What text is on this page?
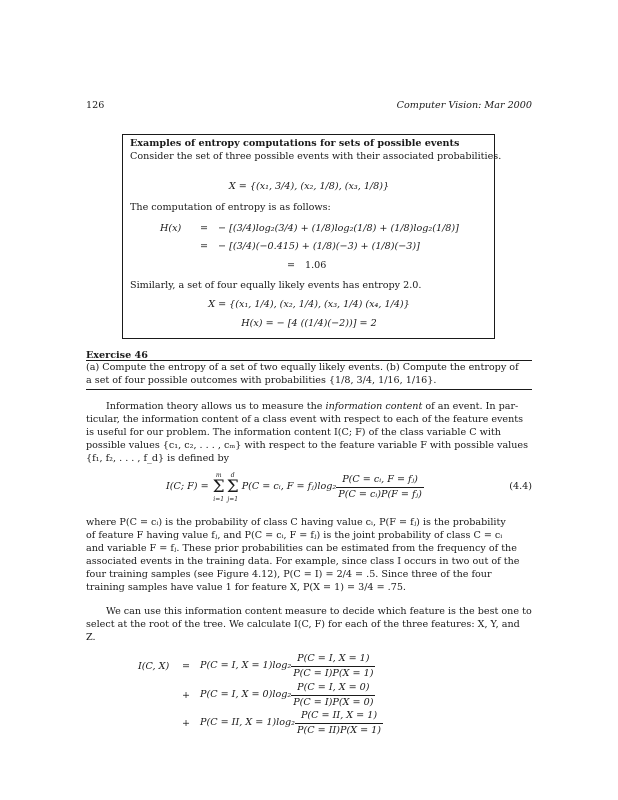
126	Computer Vision: Mar 2000
Examples of entropy computations for sets of possible events
Consider the set of three possible events with their associated probabilities.
X = {(x₁, 3/4), (x₂, 1/8), (x₃, 1/8)}
The computation of entropy is as follows:
H(x) = − [(3/4)log₂(3/4) + (1/8)log₂(1/8) + (1/8)log₂(1/8)]
= − [(3/4)(−0.415) + (1/8)(−3) + (1/8)(−3)]
= 1.06
Similarly, a set of four equally likely events has entropy 2.0.
X = {(x₁, 1/4), (x₂, 1/4), (x₃, 1/4) (x₄, 1/4)}
H(x) = − [4 ((1/4)(−2))] = 2
Exercise 46
(a) Compute the entropy of a set of two equally likely events. (b) Compute the entropy of
a set of four possible outcomes with probabilities {1/8, 3/4, 1/16, 1/16}.
Information theory allows us to measure the information content of an event. In par-
ticular, the information content of a class event with respect to each of the feature events
is useful for our problem. The information content I(C; F) of the class variable C with
possible values {c₁, c₂, . . . , cₘ} with respect to the feature variable F with possible values
{f₁, f₂, . . . , f_d} is defined by
I(C; F) =
m
Σ
i=1
d
Σ
j=1
P(C = cᵢ, F = fⱼ)log₂ $\frac{\text{P(C = cᵢ, F = fⱼ)}}{\text{P(C = cᵢ)P(F = fⱼ)}}$	(4.4)
where P(C = cᵢ) is the probability of class C having value cᵢ, P(F = fⱼ) is the probability
of feature F having value fⱼ, and P(C = cᵢ, F = fⱼ) is the joint probability of class C = cᵢ
and variable F = fⱼ. These prior probabilities can be estimated from the frequency of the
associated events in the training data. For example, since class I occurs in two out of the
four training samples (see Figure 4.12), P(C = I) = 2/4 = .5. Since three of the four
training samples have value 1 for feature X, P(X = 1) = 3/4 = .75.
We can use this information content measure to decide which feature is the best one to
select at the root of the tree. We calculate I(C, F) for each of the three features: X, Y, and
Z.
I(C, X) = P(C = I, $X = 1)\log_2 \frac{P(C = I, X = 1)}{P(C = I)P(X = 1)}$
+ P(C = I, $X = 0)\log_2 \frac{P(C = I, X = 0)}{P(C = I)P(X = 0)}$
+ P(C = II, $X = 1)\log_2 \frac{P(C = II, X = 1)}{P(C = II)P(X = 1)}$
